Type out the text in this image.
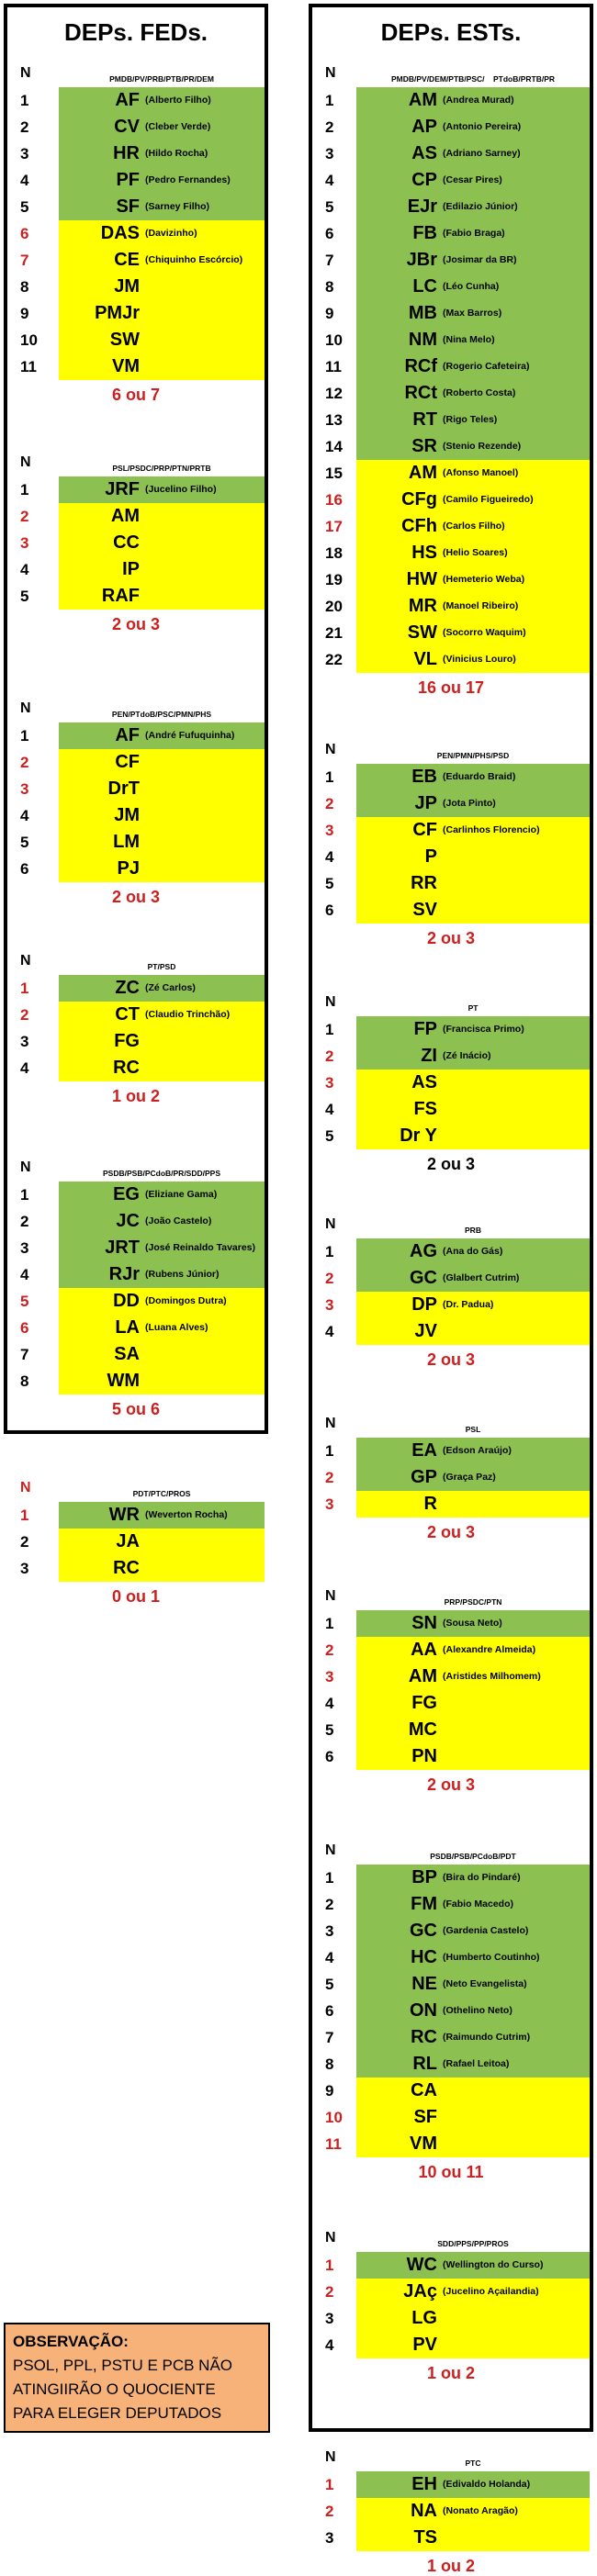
DEPs. FEDs.
N	PMDB/PV/PRB/PTB/PR/DEM
1	AF (Alberto Filho)
2	CV (Cleber Verde)
3	HR (Hildo Rocha)
4	PF (Pedro Fernandes)
5	SF (Sarney Filho)
6	DAS (Davizinho)
7	CE (Chiquinho Escórcio)
8	JM
9	PMJr
10	SW
11	VM
6 ou 7
N	PSL/PSDC/PRP/PTN/PRTB
1	JRF (Jucelino Filho)
2	AM
3	CC
4	IP
5	RAF
2 ou 3
N	PEN/PTdoB/PSC/PMN/PHS
1	AF (André Fufuquinha)
2	CF
3	DrT
4	JM
5	LM
6	PJ
2 ou 3
N	PT/PSD
1	ZC (Zé Carlos)
2	CT (Claudio Trinchão)
3	FG
4	RC
1 ou 2
N	PSDB/PSB/PCdoB/PR/SDD/PPS
1	EG (Eliziane Gama)
2	JC (João Castelo)
3	JRT (José Reinaldo Tavares)
4	RJr (Rubens Júnior)
5	DD (Domingos Dutra)
6	LA (Luana Alves)
7	SA
8	WM
5 ou 6
N	PDT/PTC/PROS
1	WR (Weverton Rocha)
2	JA
3	RC
0 ou 1
DEPs. ESTs.
N	PMDB/PV/DEM/PTB/PSC/    PTdoB/PRTB/PR
1	AM (Andrea Murad)
2	AP (Antonio Pereira)
3	AS (Adriano Sarney)
4	CP (Cesar Pires)
5	EJr (Edilazio Júnior)
6	FB (Fabio Braga)
7	JBr (Josimar da BR)
8	LC (Léo Cunha)
9	MB (Max Barros)
10	NM (Nina Melo)
11	RCf (Rogerio Cafeteira)
12	RCt (Roberto Costa)
13	RT (Rigo Teles)
14	SR (Stenio Rezende)
15	AM (Afonso Manoel)
16	CFg (Camilo Figueiredo)
17	CFh (Carlos Filho)
18	HS (Helio Soares)
19	HW (Hemeterio Weba)
20	MR (Manoel Ribeiro)
21	SW (Socorro Waquim)
22	VL (Vinicius Louro)
16 ou 17
N	PEN/PMN/PHS/PSD
1	EB (Eduardo Braid)
2	JP (Jota Pinto)
3	CF (Carlinhos Florencio)
4	P
5	RR
6	SV
2 ou 3
N	PT
1	FP (Francisca Primo)
2	ZI (Zé Inácio)
3	AS
4	FS
5	Dr Y
2 ou 3
N	PRB
1	AG (Ana do Gás)
2	GC (Glalbert Cutrim)
3	DP (Dr. Padua)
4	JV
2 ou 3
N	PSL
1	EA (Edson Araújo)
2	GP (Graça Paz)
3	R
2 ou 3
N	PRP/PSDC/PTN
1	SN (Sousa Neto)
2	AA (Alexandre Almeida)
3	AM (Aristides Milhomem)
4	FG
5	MC
6	PN
2 ou 3
N	PSDB/PSB/PCdoB/PDT
1	BP (Bira do Pindaré)
2	FM (Fabio Macedo)
3	GC (Gardenia Castelo)
4	HC (Humberto Coutinho)
5	NE (Neto Evangelista)
6	ON (Othelino Neto)
7	RC (Raimundo Cutrim)
8	RL (Rafael Leitoa)
9	CA
10	SF
11	VM
10 ou 11
N	SDD/PPS/PP/PROS
1	WC (Wellington do Curso)
2	JAç (Jucelino Açailandia)
3	LG
4	PV
1 ou 2
N	PTC
1	EH (Edivaldo Holanda)
2	NA (Nonato Aragão)
3	TS
1 ou 2
OBSERVAÇÃO:
PSOL, PPL, PSTU E PCB NÃO
ATINGIIRÃO O QUOCIENTE
PARA ELEGER DEPUTADOS
